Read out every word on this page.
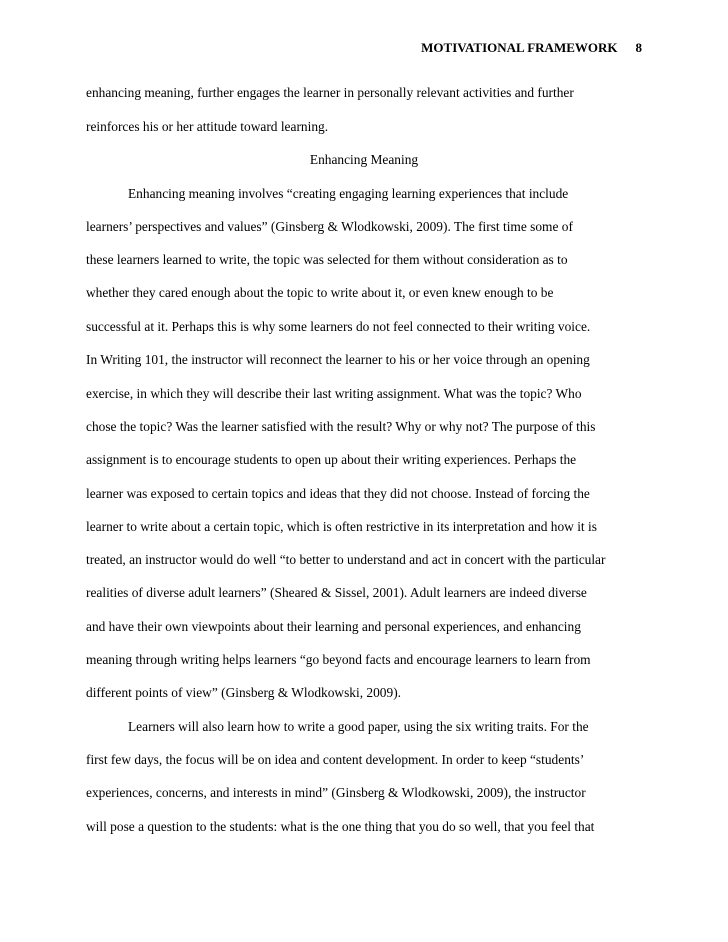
MOTIVATIONAL FRAMEWORK 8
enhancing meaning, further engages the learner in personally relevant activities and further
reinforces his or her attitude toward learning.
Enhancing Meaning
Enhancing meaning involves “creating engaging learning experiences that include
learners’ perspectives and values” (Ginsberg & Wlodkowski, 2009). The first time some of
these learners learned to write, the topic was selected for them without consideration as to
whether they cared enough about the topic to write about it, or even knew enough to be
successful at it. Perhaps this is why some learners do not feel connected to their writing voice.
In Writing 101, the instructor will reconnect the learner to his or her voice through an opening
exercise, in which they will describe their last writing assignment. What was the topic? Who
chose the topic? Was the learner satisfied with the result? Why or why not? The purpose of this
assignment is to encourage students to open up about their writing experiences. Perhaps the
learner was exposed to certain topics and ideas that they did not choose. Instead of forcing the
learner to write about a certain topic, which is often restrictive in its interpretation and how it is
treated, an instructor would do well “to better to understand and act in concert with the particular
realities of diverse adult learners” (Sheared & Sissel, 2001). Adult learners are indeed diverse
and have their own viewpoints about their learning and personal experiences, and enhancing
meaning through writing helps learners “go beyond facts and encourage learners to learn from
different points of view” (Ginsberg & Wlodkowski, 2009).
Learners will also learn how to write a good paper, using the six writing traits. For the
first few days, the focus will be on idea and content development. In order to keep “students’
experiences, concerns, and interests in mind” (Ginsberg & Wlodkowski, 2009), the instructor
will pose a question to the students: what is the one thing that you do so well, that you feel that
